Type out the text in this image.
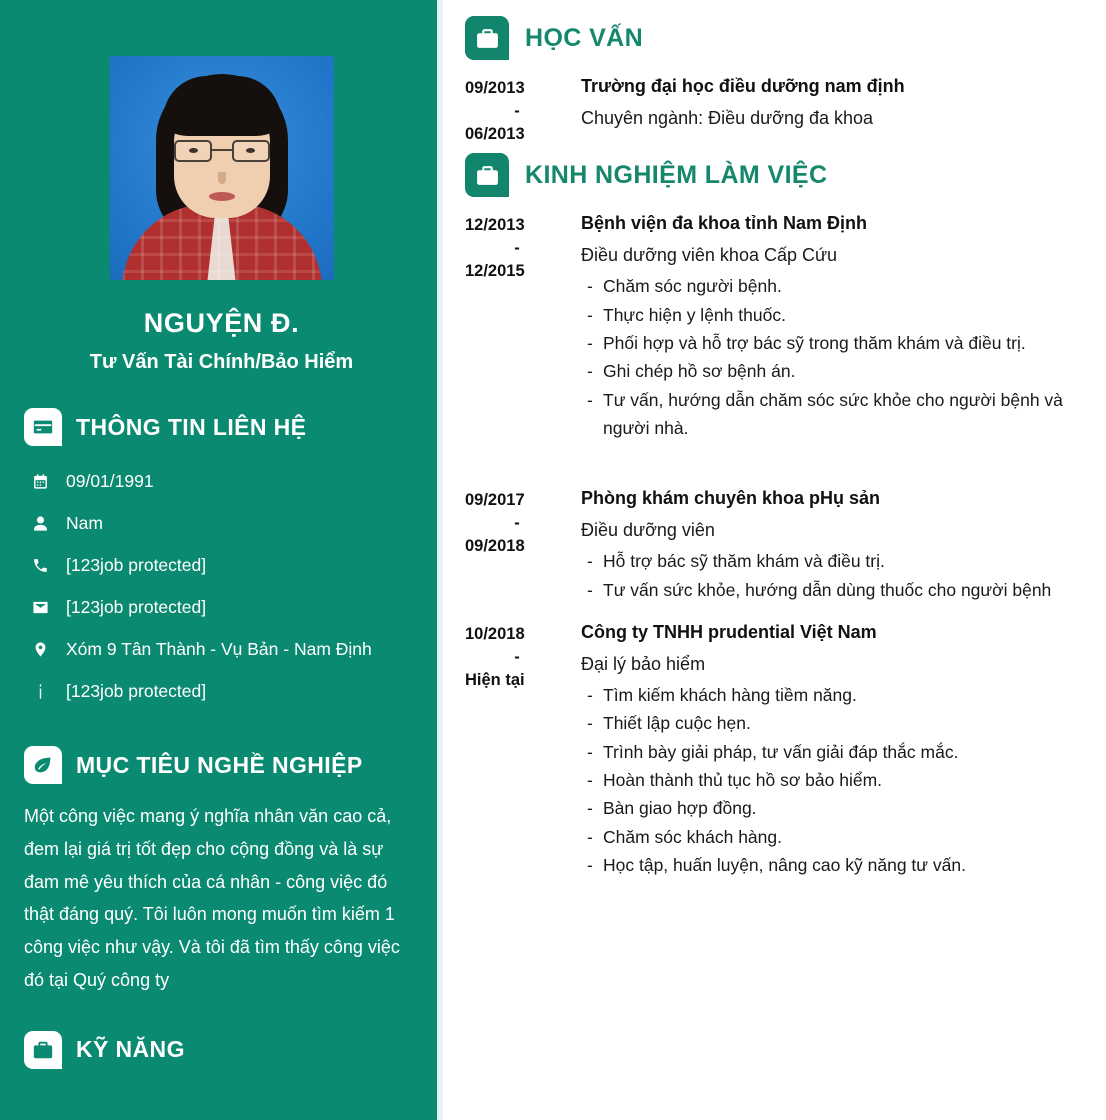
NGUYỆN Đ.
Tư Vấn Tài Chính/Bảo Hiểm
THÔNG TIN LIÊN HỆ
09/01/1991
Nam
[123job protected]
[123job protected]
Xóm 9 Tân Thành - Vụ Bản - Nam Định
[123job protected]
MỤC TIÊU NGHỀ NGHIỆP

Một công việc mang ý nghĩa nhân văn cao cả, đem lại giá trị tốt đẹp cho cộng đồng và là sự đam mê yêu thích của cá nhân - công việc đó thật đáng quý. Tôi luôn mong muốn tìm kiếm 1 công việc như vậy. Và tôi đã tìm thấy công việc đó tại Quý công ty

KỸ NĂNG
HỌC VẤN
09/2013
-
06/2013
Trường đại học điều dưỡng nam định
Chuyên ngành: Điều dưỡng đa khoa
KINH NGHIỆM LÀM VIỆC
12/2013
-
12/2015
Bệnh viện đa khoa tỉnh Nam Định
Điều dưỡng viên khoa Cấp Cứu
- Chăm sóc người bệnh.
- Thực hiện y lệnh thuốc.
- Phối hợp và hỗ trợ bác sỹ trong thăm khám và điều trị.
- Ghi chép hồ sơ bệnh án.
- Tư vấn, hướng dẫn chăm sóc sức khỏe cho người bệnh và người nhà.
09/2017
-
09/2018
Phòng khám chuyên khoa pHụ sản
Điều dưỡng viên
- Hỗ trợ bác sỹ thăm khám và điều trị.
- Tư vấn sức khỏe, hướng dẫn dùng thuốc cho người bệnh
10/2018
-
Hiện tại
Công ty TNHH prudential Việt Nam
Đại lý bảo hiểm
- Tìm kiếm khách hàng tiềm năng.
- Thiết lập cuộc hẹn.
- Trình bày giải pháp, tư vấn giải đáp thắc mắc.
- Hoàn thành thủ tục hồ sơ bảo hiểm.
- Bàn giao hợp đồng.
- Chăm sóc khách hàng.
- Học tập, huấn luyện, nâng cao kỹ năng tư vấn.
